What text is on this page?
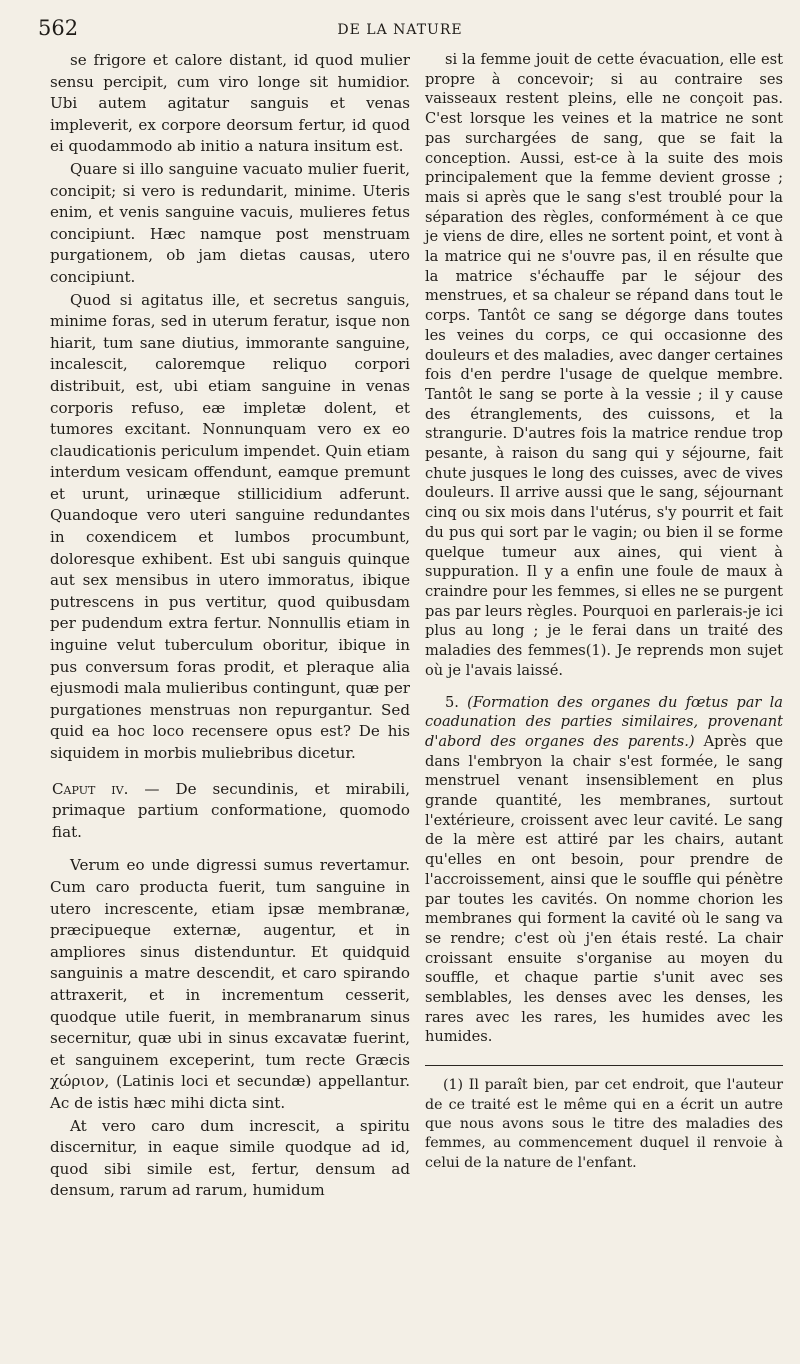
562	DE LA NATURE

se frigore et calore distant, id quod mulier sensu percipit, cum viro longe sit humidior. Ubi autem agitatur sanguis et venas impleverit, ex corpore deorsum fertur, id quod ei quodammodo ab initio a natura insitum est.

Quare si illo sanguine vacuato mulier fuerit, concipit; si vero is redundarit, minime. Uteris enim, et venis sanguine vacuis, mulieres fetus concipiunt. Hæc namque post menstruam purgationem, ob jam dietas causas, utero concipiunt.

Quod si agitatus ille, et secretus sanguis, minime foras, sed in uterum feratur, isque non hiarit, tum sane diutius, immorante sanguine, incalescit, caloremque reliquo corpori distribuit, est, ubi etiam sanguine in venas corporis refuso, eæ impletæ dolent, et tumores excitant. Nonnunquam vero ex eo claudicationis periculum impendet. Quin etiam interdum vesicam offendunt, eamque premunt et urunt, urinæque stillicidium adferunt. Quandoque vero uteri sanguine redundantes in coxendicem et lumbos procumbunt, doloresque exhibent. Est ubi sanguis quinque aut sex mensibus in utero immoratus, ibique putrescens in pus vertitur, quod quibusdam per pudendum extra fertur. Nonnullis etiam in inguine velut tuberculum oboritur, ibique in pus conversum foras prodit, et pleraque alia ejusmodi mala mulieribus contingunt, quæ per purgationes menstruas non repurgantur. Sed quid ea hoc loco recensere opus est? De his siquidem in morbis muliebribus dicetur.

Caput iv. — De secundinis, et mirabili, primaque partium conformatione, quomodo fiat.

Verum eo unde digressi sumus revertamur. Cum caro producta fuerit, tum sanguine in utero increscente, etiam ipsæ membranæ, præcipueque externæ, augentur, et in ampliores sinus distenduntur. Et quidquid sanguinis a matre descendit, et caro spirando attraxerit, et in incrementum cesserit, quodque utile fuerit, in membranarum sinus secernitur, quæ ubi in sinus excavatæ fuerint, et sanguinem exceperint, tum recte Græcis χώριον, (Latinis loci et secundæ) appellantur. Ac de istis hæc mihi dicta sint.

At vero caro dum increscit, a spiritu discernitur, in eaque simile quodque ad id, quod sibi simile est, fertur, densum ad densum, rarum ad rarum, humidum

si la femme jouit de cette évacuation, elle est propre à concevoir; si au contraire ses vaisseaux restent pleins, elle ne conçoit pas. C'est lorsque les veines et la matrice ne sont pas surchargées de sang, que se fait la conception. Aussi, est-ce à la suite des mois principalement que la femme devient grosse ; mais si après que le sang s'est troublé pour la séparation des règles, conformément à ce que je viens de dire, elles ne sortent point, et vont à la matrice qui ne s'ouvre pas, il en résulte que la matrice s'échauffe par le séjour des menstrues, et sa chaleur se répand dans tout le corps. Tantôt ce sang se dégorge dans toutes les veines du corps, ce qui occasionne des douleurs et des maladies, avec danger certaines fois d'en perdre l'usage de quelque membre. Tantôt le sang se porte à la vessie ; il y cause des étranglements, des cuissons, et la strangurie. D'autres fois la matrice rendue trop pesante, à raison du sang qui y séjourne, fait chute jusques le long des cuisses, avec de vives douleurs. Il arrive aussi que le sang, séjournant cinq ou six mois dans l'utérus, s'y pourrit et fait du pus qui sort par le vagin; ou bien il se forme quelque tumeur aux aines, qui vient à suppuration. Il y a enfin une foule de maux à craindre pour les femmes, si elles ne se purgent pas par leurs règles. Pourquoi en parlerais-je ici plus au long ; je le ferai dans un traité des maladies des femmes(1). Je reprends mon sujet où je l'avais laissé.

5. (Formation des organes du fœtus par la coadunation des parties similaires, provenant d'abord des organes des parents.) Après que dans l'embryon la chair s'est formée, le sang menstruel venant insensiblement en plus grande quantité, les membranes, surtout l'extérieure, croissent avec leur cavité. Le sang de la mère est attiré par les chairs, autant qu'elles en ont besoin, pour prendre de l'accroissement, ainsi que le souffle qui pénètre par toutes les cavités. On nomme chorion les membranes qui forment la cavité où le sang va se rendre; c'est où j'en étais resté. La chair croissant ensuite s'organise au moyen du souffle, et chaque partie s'unit avec ses semblables, les denses avec les denses, les rares avec les rares, les humides avec les humides.

(1) Il paraît bien, par cet endroit, que l'auteur de ce traité est le même qui en a écrit un autre que nous avons sous le titre des maladies des femmes, au commencement duquel il renvoie à celui de la nature de l'enfant.
